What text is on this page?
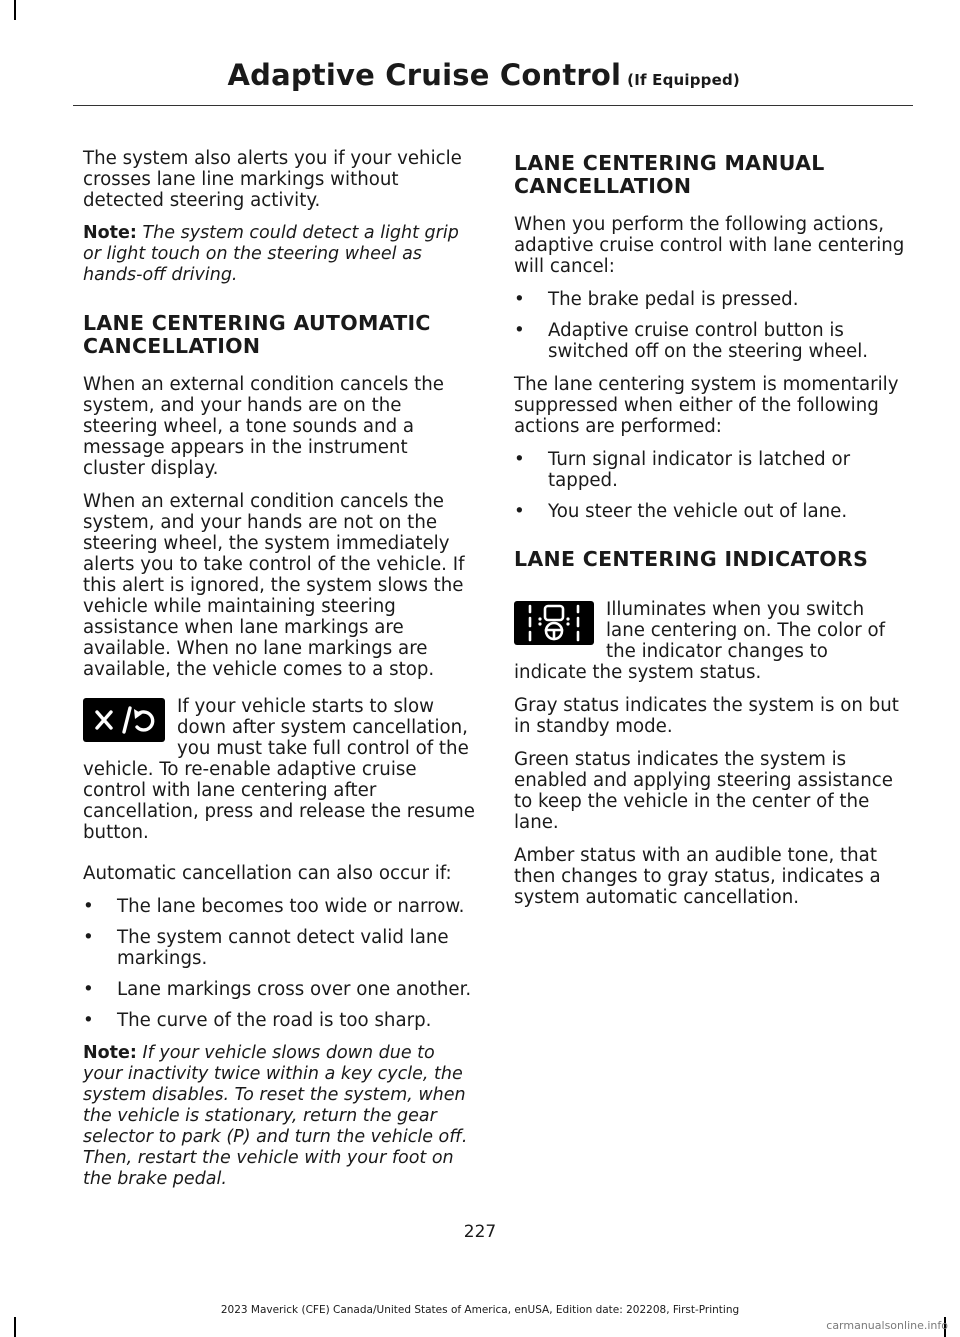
Adaptive Cruise Control (If Equipped)

The system also alerts you if your vehicle crosses lane line markings without detected steering activity.

Note: The system could detect a light grip or light touch on the steering wheel as hands-off driving.

LANE CENTERING AUTOMATIC CANCELLATION

When an external condition cancels the system, and your hands are on the steering wheel, a tone sounds and a message appears in the instrument cluster display.

When an external condition cancels the system, and your hands are not on the steering wheel, the system immediately alerts you to take control of the vehicle. If this alert is ignored, the system slows the vehicle while maintaining steering assistance when lane markings are available. When no lane markings are available, the vehicle comes to a stop.

If your vehicle starts to slow down after system cancellation, you must take full control of the vehicle. To re-enable adaptive cruise control with lane centering after cancellation, press and release the resume button.

Automatic cancellation can also occur if:

• The lane becomes too wide or narrow.
• The system cannot detect valid lane markings.
• Lane markings cross over one another.
• The curve of the road is too sharp.

Note: If your vehicle slows down due to your inactivity twice within a key cycle, the system disables. To reset the system, when the vehicle is stationary, return the gear selector to park (P) and turn the vehicle off. Then, restart the vehicle with your foot on the brake pedal.

LANE CENTERING MANUAL CANCELLATION

When you perform the following actions, adaptive cruise control with lane centering will cancel:

• The brake pedal is pressed.
• Adaptive cruise control button is switched off on the steering wheel.

The lane centering system is momentarily suppressed when either of the following actions are performed:

• Turn signal indicator is latched or tapped.
• You steer the vehicle out of lane.
LANE CENTERING INDICATORS

Illuminates when you switch lane centering on. The color of the indicator changes to indicate the system status.

Gray status indicates the system is on but in standby mode.

Green status indicates the system is enabled and applying steering assistance to keep the vehicle in the center of the lane.

Amber status with an audible tone, that then changes to gray status, indicates a system automatic cancellation.

227
2023 Maverick (CFE) Canada/United States of America, enUSA, Edition date: 202208, First-Printing
carmanualsonline.info
